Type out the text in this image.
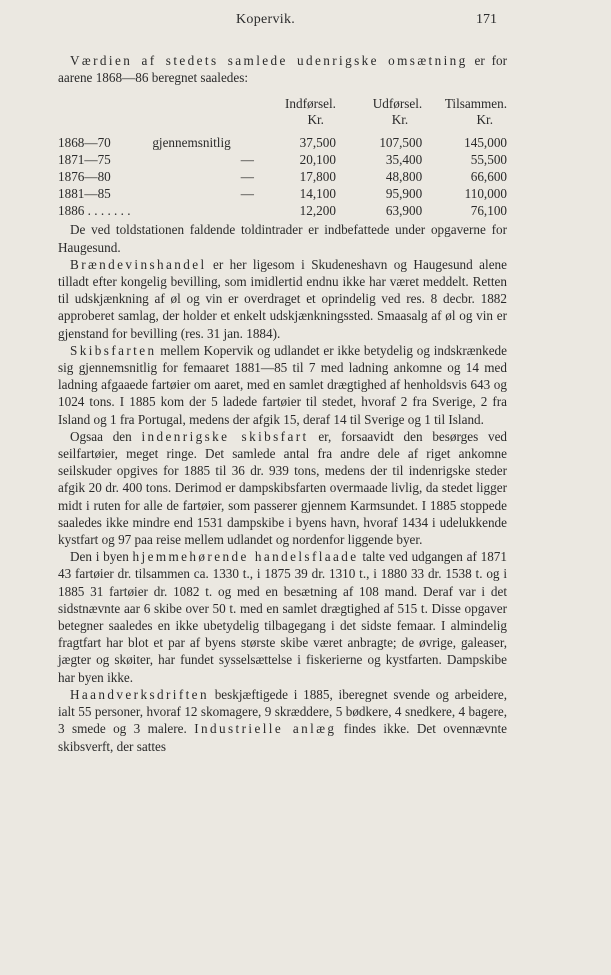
Kopervik.	171

Værdien af stedets samlede udenrigske omsætning er for aarene 1868—86 beregnet saaledes:

			Indførsel.	Udførsel.	Tilsammen.
			Kr.	Kr.	Kr.

1868—70	gjennemsnitlig		37,500	107,500	145,000
1871—75		—	20,100	35,400	55,500
1876—80		—	17,800	48,800	66,600
1881—85		—	14,100	95,900	110,000
1886 . . . . . . .			12,200	63,900	76,100

De ved toldstationen faldende toldintrader er indbefattede under opgaverne for Haugesund.

Brændevinshandel er her ligesom i Skudeneshavn og Haugesund alene tilladt efter kongelig bevilling, som imidlertid endnu ikke har været meddelt. Retten til udskjænkning af øl og vin er overdraget et oprindelig ved res. 8 decbr. 1882 approberet samlag, der holder et enkelt udskjænkningssted. Smaasalg af øl og vin er gjenstand for bevilling (res. 31 jan. 1884).

Skibsfarten mellem Kopervik og udlandet er ikke betydelig og indskrænkede sig gjennemsnitlig for femaaret 1881—85 til 7 med ladning ankomne og 14 med ladning afgaaede fartøier om aaret, med en samlet drægtighed af henholdsvis 643 og 1024 tons. I 1885 kom der 5 ladede fartøier til stedet, hvoraf 2 fra Sverige, 2 fra Island og 1 fra Portugal, medens der afgik 15, deraf 14 til Sverige og 1 til Island.

Ogsaa den indenrigske skibsfart er, forsaavidt den besørges ved seilfartøier, meget ringe. Det samlede antal fra andre dele af riget ankomne seilskuder opgives for 1885 til 36 dr. 939 tons, medens der til indenrigske steder afgik 20 dr. 400 tons. Derimod er dampskibsfarten overmaade livlig, da stedet ligger midt i ruten for alle de fartøier, som passerer gjennem Karmsundet. I 1885 stoppede saaledes ikke mindre end 1531 dampskibe i byens havn, hvoraf 1434 i udelukkende kystfart og 97 paa reise mellem udlandet og nordenfor liggende byer.

Den i byen hjemmehørende handelsflaade talte ved udgangen af 1871 43 fartøier dr. tilsammen ca. 1330 t., i 1875 39 dr. 1310 t., i 1880 33 dr. 1538 t. og i 1885 31 fartøier dr. 1082 t. og med en besætning af 108 mand. Deraf var i det sidstnævnte aar 6 skibe over 50 t. med en samlet drægtighed af 515 t. Disse opgaver betegner saaledes en ikke ubetydelig tilbagegang i det sidste femaar. I almindelig fragtfart har blot et par af byens største skibe været anbragte; de øvrige, galeaser, jægter og skøiter, har fundet sysselsættelse i fiskerierne og kystfarten. Dampskibe har byen ikke.

Haandverksdriften beskjæftigede i 1885, iberegnet svende og arbeidere, ialt 55 personer, hvoraf 12 skomagere, 9 skræddere, 5 bødkere, 4 snedkere, 4 bagere, 3 smede og 3 malere. Industrielle anlæg findes ikke. Det ovennævnte skibsverft, der sattes
